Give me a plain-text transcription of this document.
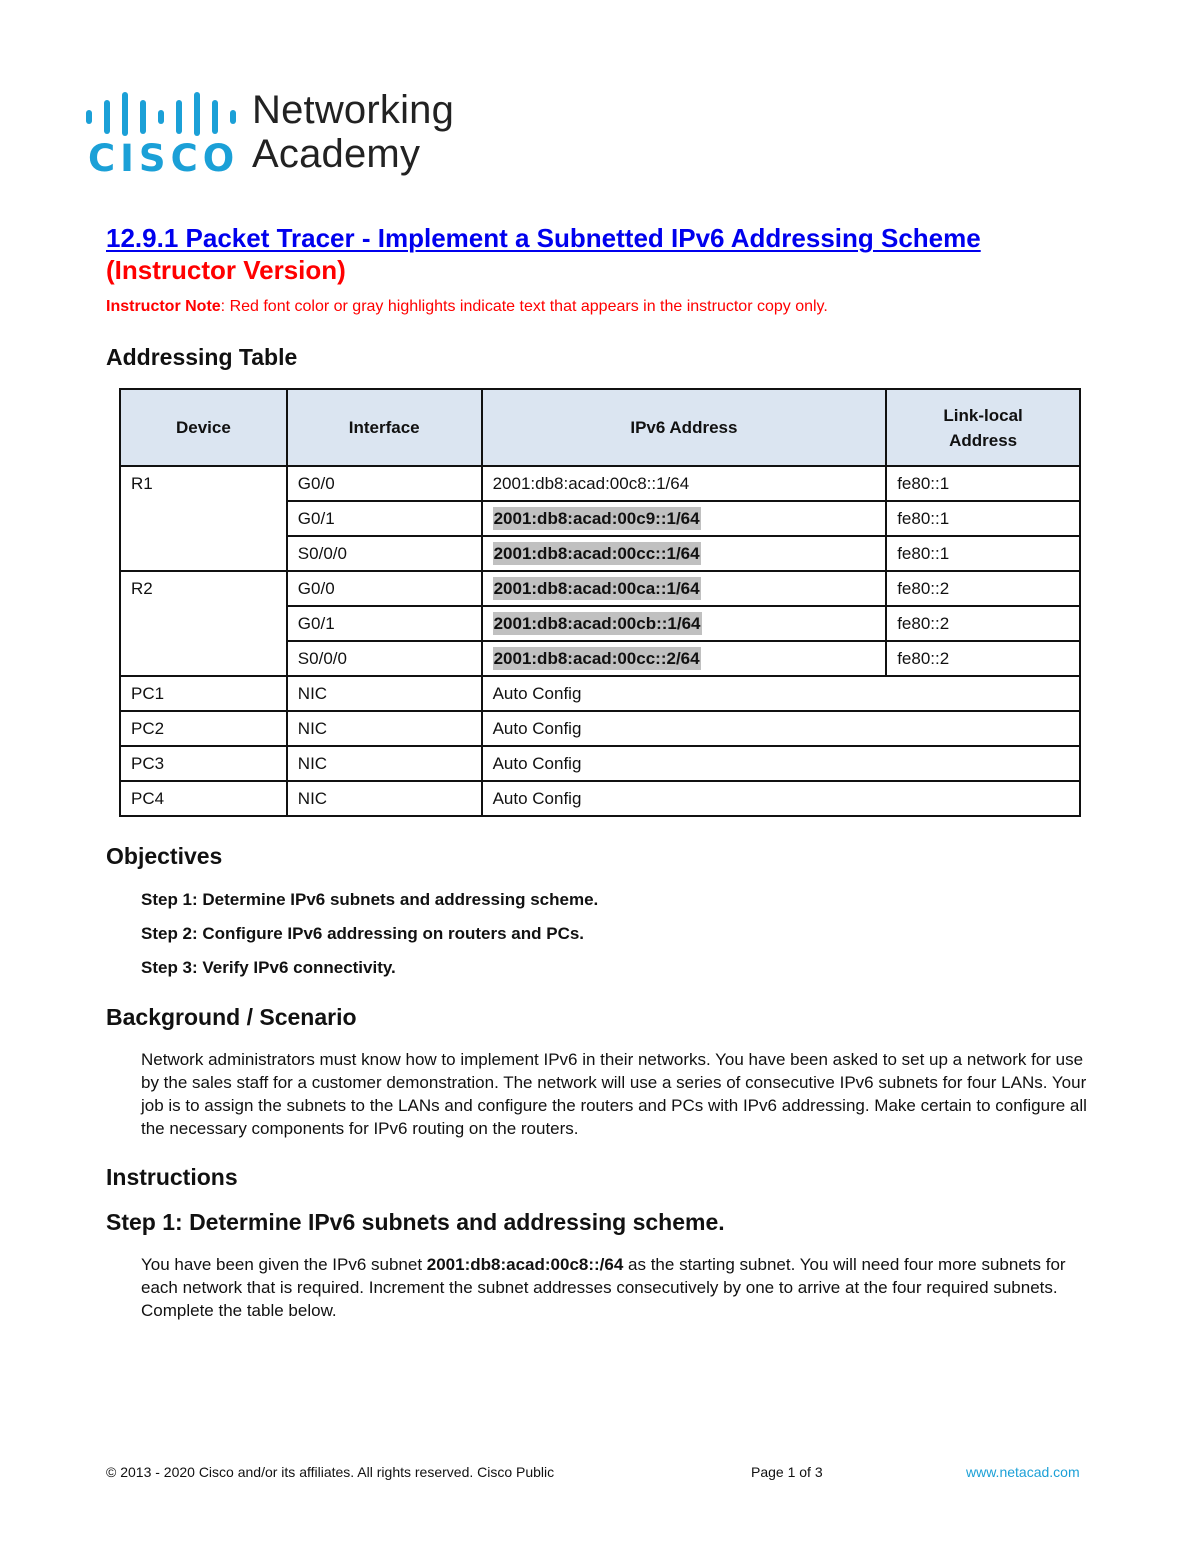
CISCO
Networking
Academy
12.9.1 Packet Tracer - Implement a Subnetted IPv6 Addressing Scheme
(Instructor Version)
Instructor Note: Red font color or gray highlights indicate text that appears in the instructor copy only.
Addressing Table
Device	Interface	IPv6 Address	Link-local
Address
R1	G0/0	2001:db8:acad:00c8::1/64	fe80::1
	G0/1	2001:db8:acad:00c9::1/64	fe80::1
	S0/0/0	2001:db8:acad:00cc::1/64	fe80::1
R2	G0/0	2001:db8:acad:00ca::1/64	fe80::2
	G0/1	2001:db8:acad:00cb::1/64	fe80::2
	S0/0/0	2001:db8:acad:00cc::2/64	fe80::2
PC1	NIC	Auto Config	
PC2	NIC	Auto Config	
PC3	NIC	Auto Config	
PC4	NIC	Auto Config	
Objectives
Step 1: Determine IPv6 subnets and addressing scheme.
Step 2: Configure IPv6 addressing on routers and PCs.
Step 3: Verify IPv6 connectivity.
Background / Scenario
Network administrators must know how to implement IPv6 in their networks. You have been asked to set up a network for use by the sales staff for a customer demonstration. The network will use a series of consecutive IPv6 subnets for four LANs. Your job is to assign the subnets to the LANs and configure the routers and PCs with IPv6 addressing. Make certain to configure all the necessary components for IPv6 routing on the routers.
Instructions
Step 1: Determine IPv6 subnets and addressing scheme.
You have been given the IPv6 subnet 2001:db8:acad:00c8::/64 as the starting subnet. You will need four more subnets for each network that is required. Increment the subnet addresses consecutively by one to arrive at the four required subnets. Complete the table below.
© 2013 - 2020 Cisco and/or its affiliates. All rights reserved. Cisco Public	Page 1 of 3	www.netacad.com
